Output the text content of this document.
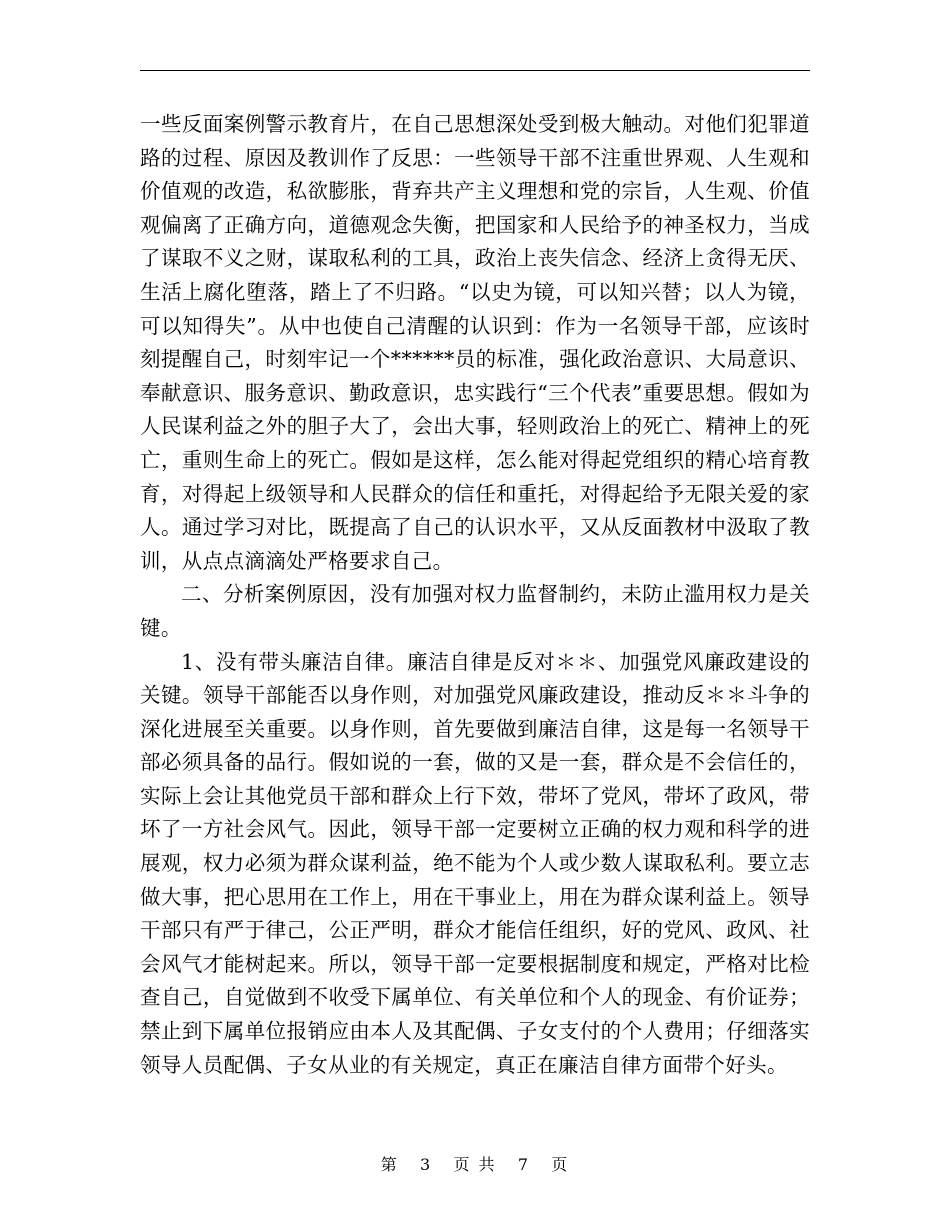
一些反面案例警示教育片，在自己思想深处受到极大触动。对他们犯罪道路的过程、原因及教训作了反思：一些领导干部不注重世界观、人生观和价值观的改造，私欲膨胀，背弃共产主义理想和党的宗旨，人生观、价值观偏离了正确方向，道德观念失衡，把国家和人民给予的神圣权力，当成了谋取不义之财，谋取私利的工具，政治上丧失信念、经济上贪得无厌、生活上腐化堕落，踏上了不归路。“以史为镜，可以知兴替；以人为镜，可以知得失”。从中也使自己清醒的认识到：作为一名领导干部，应该时刻提醒自己，时刻牢记一个******员的标准，强化政治意识、大局意识、奉献意识、服务意识、勤政意识，忠实践行“三个代表”重要思想。假如为人民谋利益之外的胆子大了，会出大事，轻则政治上的死亡、精神上的死亡，重则生命上的死亡。假如是这样，怎么能对得起党组织的精心培育教育，对得起上级领导和人民群众的信任和重托，对得起给予无限关爱的家人。通过学习对比，既提高了自己的认识水平，又从反面教材中汲取了教训，从点点滴滴处严格要求自己。

二、分析案例原因，没有加强对权力监督制约，未防止滥用权力是关键。

1、没有带头廉洁自律。廉洁自律是反对＊＊、加强党风廉政建设的关键。领导干部能否以身作则，对加强党风廉政建设，推动反＊＊斗争的深化进展至关重要。以身作则，首先要做到廉洁自律，这是每一名领导干部必须具备的品行。假如说的一套，做的又是一套，群众是不会信任的，实际上会让其他党员干部和群众上行下效，带坏了党风，带坏了政风，带坏了一方社会风气。因此，领导干部一定要树立正确的权力观和科学的进展观，权力必须为群众谋利益，绝不能为个人或少数人谋取私利。要立志做大事，把心思用在工作上，用在干事业上，用在为群众谋利益上。领导干部只有严于律己，公正严明，群众才能信任组织，好的党风、政风、社会风气才能树起来。所以，领导干部一定要根据制度和规定，严格对比检查自己，自觉做到不收受下属单位、有关单位和个人的现金、有价证券；禁止到下属单位报销应由本人及其配偶、子女支付的个人费用；仔细落实领导人员配偶、子女从业的有关规定，真正在廉洁自律方面带个好头。

第 3 页 共 7 页
